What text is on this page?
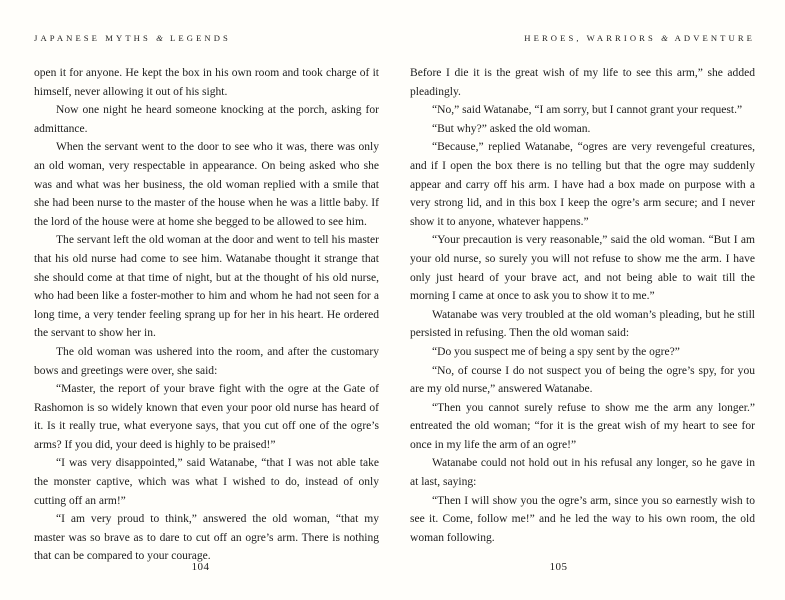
JAPANESE MYTHS & LEGENDS

open it for anyone. He kept the box in his own room and took charge of it himself, never allowing it out of his sight.

Now one night he heard someone knocking at the porch, asking for admittance.

When the servant went to the door to see who it was, there was only an old woman, very respectable in appearance. On being asked who she was and what was her business, the old woman replied with a smile that she had been nurse to the master of the house when he was a little baby. If the lord of the house were at home she begged to be allowed to see him.

The servant left the old woman at the door and went to tell his master that his old nurse had come to see him. Watanabe thought it strange that she should come at that time of night, but at the thought of his old nurse, who had been like a foster-mother to him and whom he had not seen for a long time, a very tender feeling sprang up for her in his heart. He ordered the servant to show her in.

The old woman was ushered into the room, and after the customary bows and greetings were over, she said:

“Master, the report of your brave fight with the ogre at the Gate of Rashomon is so widely known that even your poor old nurse has heard of it. Is it really true, what everyone says, that you cut off one of the ogre’s arms? If you did, your deed is highly to be praised!”

“I was very disappointed,” said Watanabe, “that I was not able take the monster captive, which was what I wished to do, instead of only cutting off an arm!”

“I am very proud to think,” answered the old woman, “that my master was so brave as to dare to cut off an ogre’s arm. There is nothing that can be compared to your courage.

104
HEROES, WARRIORS & ADVENTURE

Before I die it is the great wish of my life to see this arm,” she added pleadingly.

“No,” said Watanabe, “I am sorry, but I cannot grant your request.”

“But why?” asked the old woman.

“Because,” replied Watanabe, “ogres are very revengeful creatures, and if I open the box there is no telling but that the ogre may suddenly appear and carry off his arm. I have had a box made on purpose with a very strong lid, and in this box I keep the ogre’s arm secure; and I never show it to anyone, whatever happens.”

“Your precaution is very reasonable,” said the old woman. “But I am your old nurse, so surely you will not refuse to show me the arm. I have only just heard of your brave act, and not being able to wait till the morning I came at once to ask you to show it to me.”

Watanabe was very troubled at the old woman’s pleading, but he still persisted in refusing. Then the old woman said:

“Do you suspect me of being a spy sent by the ogre?”

“No, of course I do not suspect you of being the ogre’s spy, for you are my old nurse,” answered Watanabe.

“Then you cannot surely refuse to show me the arm any longer.” entreated the old woman; “for it is the great wish of my heart to see for once in my life the arm of an ogre!”

Watanabe could not hold out in his refusal any longer, so he gave in at last, saying:

“Then I will show you the ogre’s arm, since you so earnestly wish to see it. Come, follow me!” and he led the way to his own room, the old woman following.

105
